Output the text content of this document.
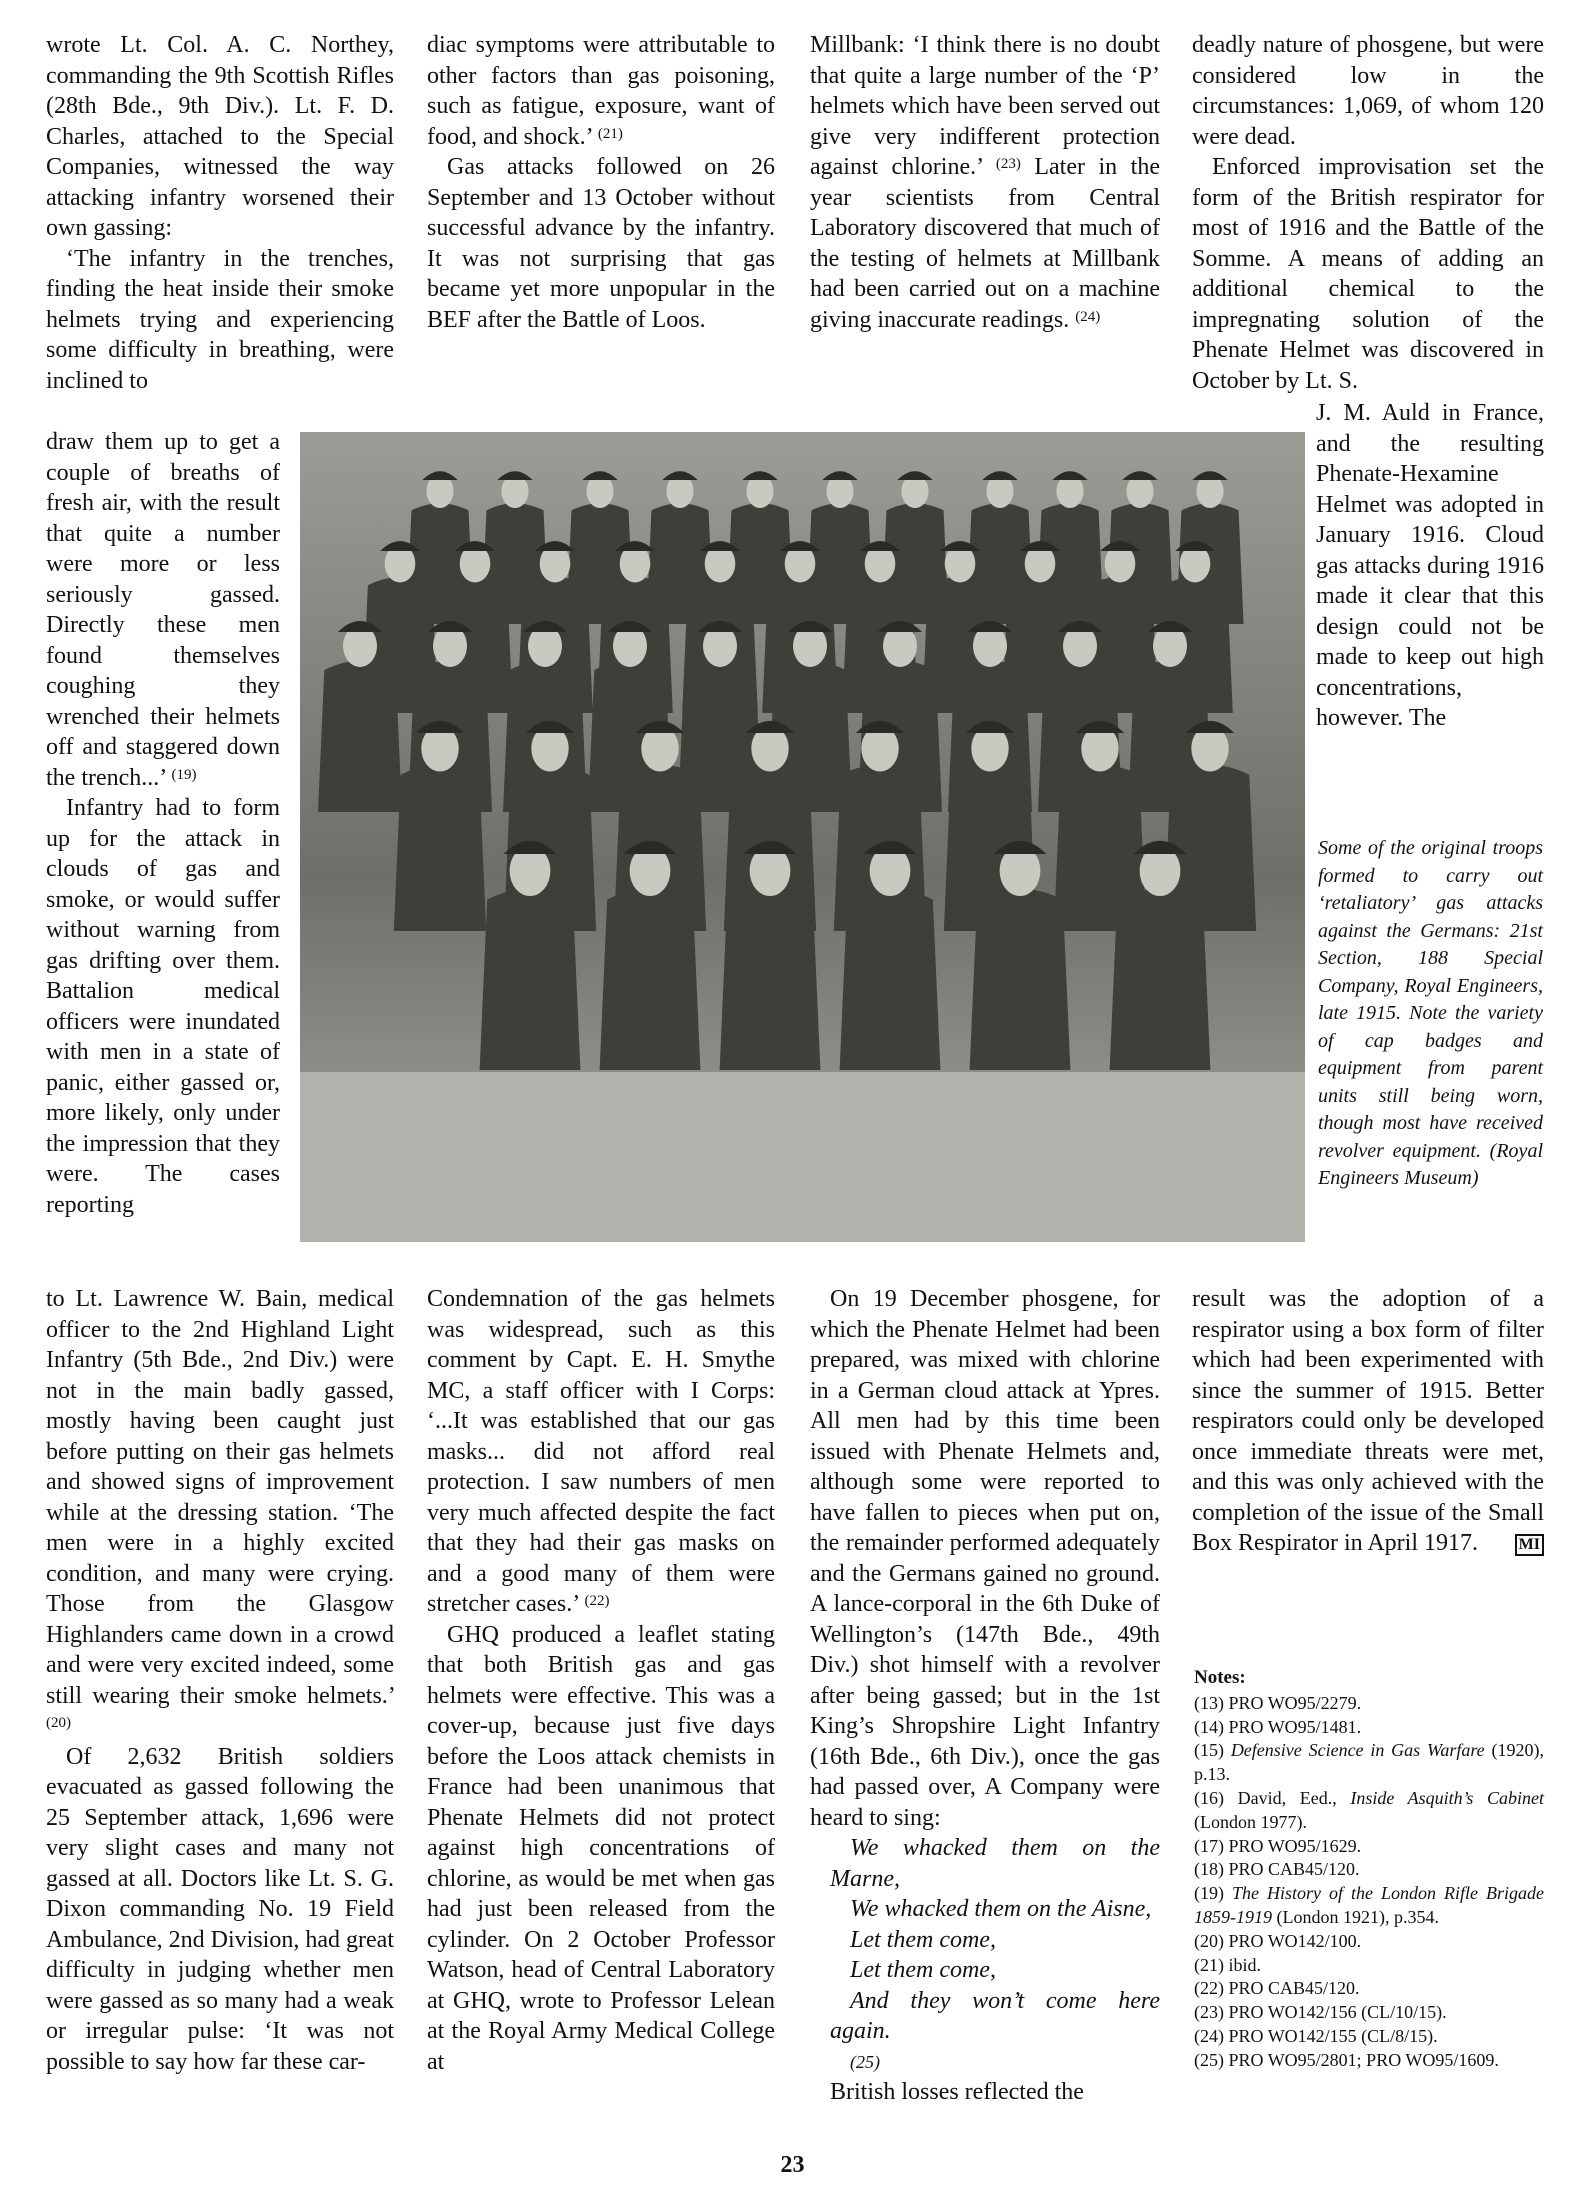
wrote Lt. Col. A. C. Northey, commanding the 9th Scottish Rifles (28th Bde., 9th Div.). Lt. F. D. Charles, attached to the Special Companies, witnessed the way attacking infantry worsened their own gassing:

‘The infantry in the trenches, finding the heat inside their smoke helmets trying and experiencing some difficulty in breathing, were inclined to

draw them up to get a couple of breaths of fresh air, with the result that quite a number were more or less seriously gassed. Directly these men found themselves coughing they wrenched their helmets off and staggered down the trench...’ $^{(19)}$

Infantry had to form up for the attack in clouds of gas and smoke, or would suffer without warning from gas drifting over them. Battalion medical officers were inundated with men in a state of panic, either gassed or, more likely, only under the impression that they were. The cases reporting

to Lt. Lawrence W. Bain, medical officer to the 2nd Highland Light Infantry (5th Bde., 2nd Div.) were not in the main badly gassed, mostly having been caught just before putting on their gas helmets and showed signs of improvement while at the dressing station. ‘The men were in a highly excited condition, and many were crying. Those from the Glasgow Highlanders came down in a crowd and were very excited indeed, some still wearing their smoke helmets.’ $^{(20)}$

Of 2,632 British soldiers evacuated as gassed following the 25 September attack, 1,696 were very slight cases and many not gassed at all. Doctors like Lt. S. G. Dixon commanding No. 19 Field Ambulance, 2nd Division, had great difficulty in judging whether men were gassed as so many had a weak or irregular pulse: ‘It was not possible to say how far these car-

diac symptoms were attributable to other factors than gas poisoning, such as fatigue, exposure, want of food, and shock.’ $^{(21)}$

Gas attacks followed on 26 September and 13 October without successful advance by the infantry. It was not surprising that gas became yet more unpopular in the BEF after the Battle of Loos.

Condemnation of the gas helmets was widespread, such as this comment by Capt. E. H. Smythe MC, a staff officer with I Corps: ‘...It was established that our gas masks... did not afford real protection. I saw numbers of men very much affected despite the fact that they had their gas masks on and a good many of them were stretcher cases.’ $^{(22)}$

GHQ produced a leaflet stating that both British gas and gas helmets were effective. This was a cover-up, because just five days before the Loos attack chemists in France had been unanimous that Phenate Helmets did not protect against high concentrations of chlorine, as would be met when gas had just been released from the cylinder. On 2 October Professor Watson, head of Central Laboratory at GHQ, wrote to Professor Lelean at the Royal Army Medical College at

Millbank: ‘I think there is no doubt that quite a large number of the ‘P’ helmets which have been served out give very indifferent protection against chlorine.’ $^{(23)}$ Later in the year scientists from Central Laboratory discovered that much of the testing of helmets at Millbank had been carried out on a machine giving inaccurate readings. $^{(24)}$

On 19 December phosgene, for which the Phenate Helmet had been prepared, was mixed with chlorine in a German cloud attack at Ypres. All men had by this time been issued with Phenate Helmets and, although some were reported to have fallen to pieces when put on, the remainder performed adequately and the Germans gained no ground. A lance-corporal in the 6th Duke of Wellington’s (147th Bde., 49th Div.) shot himself with a revolver after being gassed; but in the 1st King’s Shropshire Light Infantry (16th Bde., 6th Div.), once the gas had passed over, A Company were heard to sing:

We whacked them on the Marne,

We whacked them on the Aisne,

Let them come,

Let them come,

And they won’t come here again.

(25)

British losses reflected the

deadly nature of phosgene, but were considered low in the circumstances: 1,069, of whom 120 were dead.

Enforced improvisation set the form of the British respirator for most of 1916 and the Battle of the Somme. A means of adding an additional chemical to the impregnating solution of the Phenate Helmet was discovered in October by Lt. S.

J. M. Auld in France, and the resulting Phenate-Hexamine Helmet was adopted in January 1916. Cloud gas attacks during 1916 made it clear that this design could not be made to keep out high concentrations, however. The

result was the adoption of a respirator using a box form of filter which had been experimented with since the summer of 1915. Better respirators could only be developed once immediate threats were met, and this was only achieved with the completion of the issue of the Small Box Respirator in April 1917.	MI

Some of the original troops formed to carry out ‘retaliatory’ gas attacks against the Germans: 21st Section, 188 Special Company, Royal Engineers, late 1915. Note the variety of cap badges and equipment from parent units still being worn, though most have received revolver equipment. (Royal Engineers Museum)
Notes:
(13) PRO WO95/2279.
(14) PRO WO95/1481.
(15) Defensive Science in Gas Warfare (1920), p.13.
(16) David, Eed., Inside Asquith’s Cabinet (London 1977).
(17) PRO WO95/1629.
(18) PRO CAB45/120.
(19) The History of the London Rifle Brigade 1859-1919 (London 1921), p.354.
(20) PRO WO142/100.
(21) ibid.
(22) PRO CAB45/120.
(23) PRO WO142/156 (CL/10/15).
(24) PRO WO142/155 (CL/8/15).
(25) PRO WO95/2801; PRO WO95/1609.
23
